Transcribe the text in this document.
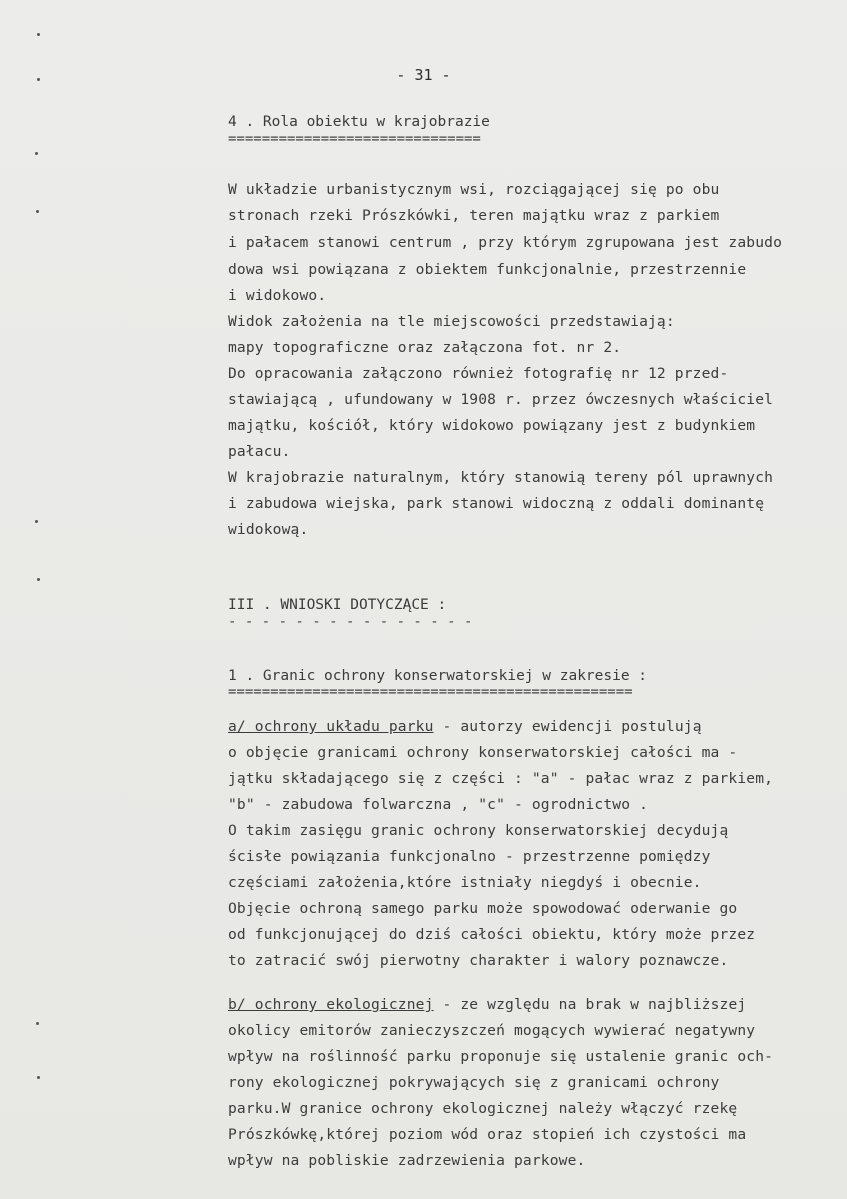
- 31 -
4 . Rola obiektu w krajobrazie
==============================
W układzie urbanistycznym wsi, rozciągającej się po obu
stronach rzeki Prószkówki, teren majątku wraz z parkiem
i pałacem stanowi centrum , przy którym zgrupowana jest zabudo
dowa wsi powiązana z obiektem funkcjonalnie, przestrzennie
i widokowo.
Widok założenia na tle miejscowości przedstawiają:
mapy topograficzne oraz załączona fot. nr 2.
Do opracowania załączono również fotografię nr 12 przed-
stawiającą , ufundowany w 1908 r. przez ówczesnych właściciel
majątku, kościół, który widokowo powiązany jest z budynkiem
pałacu.
W krajobrazie naturalnym, który stanowią tereny pól uprawnych
i zabudowa wiejska, park stanowi widoczną z oddali dominantę
widokową.
III . WNIOSKI DOTYCZĄCE :
- - - - - - - - - - - - - - -
1 . Granic ochrony konserwatorskiej w zakresie :
================================================
a/ ochrony układu parku - autorzy ewidencji postulują
o objęcie granicami ochrony konserwatorskiej całości ma -
jątku składającego się z części : "a" - pałac wraz z parkiem,
"b" - zabudowa folwarczna , "c" - ogrodnictwo .
O takim zasięgu granic ochrony konserwatorskiej decydują
ścisłe powiązania funkcjonalno - przestrzenne pomiędzy
częściami założenia,które istniały niegdyś i obecnie.
Objęcie ochroną samego parku może spowodować oderwanie go
od funkcjonującej do dziś całości obiektu, który może przez
to zatracić swój pierwotny charakter i walory poznawcze.
b/ ochrony ekologicznej - ze względu na brak w najbliższej
okolicy emitorów zanieczyszczeń mogących wywierać negatywny
wpływ na roślinność parku proponuje się ustalenie granic och-
rony ekologicznej pokrywających się z granicami ochrony
parku.W granice ochrony ekologicznej należy włączyć rzekę
Prószkówkę,której poziom wód oraz stopień ich czystości ma
wpływ na pobliskie zadrzewienia parkowe.
